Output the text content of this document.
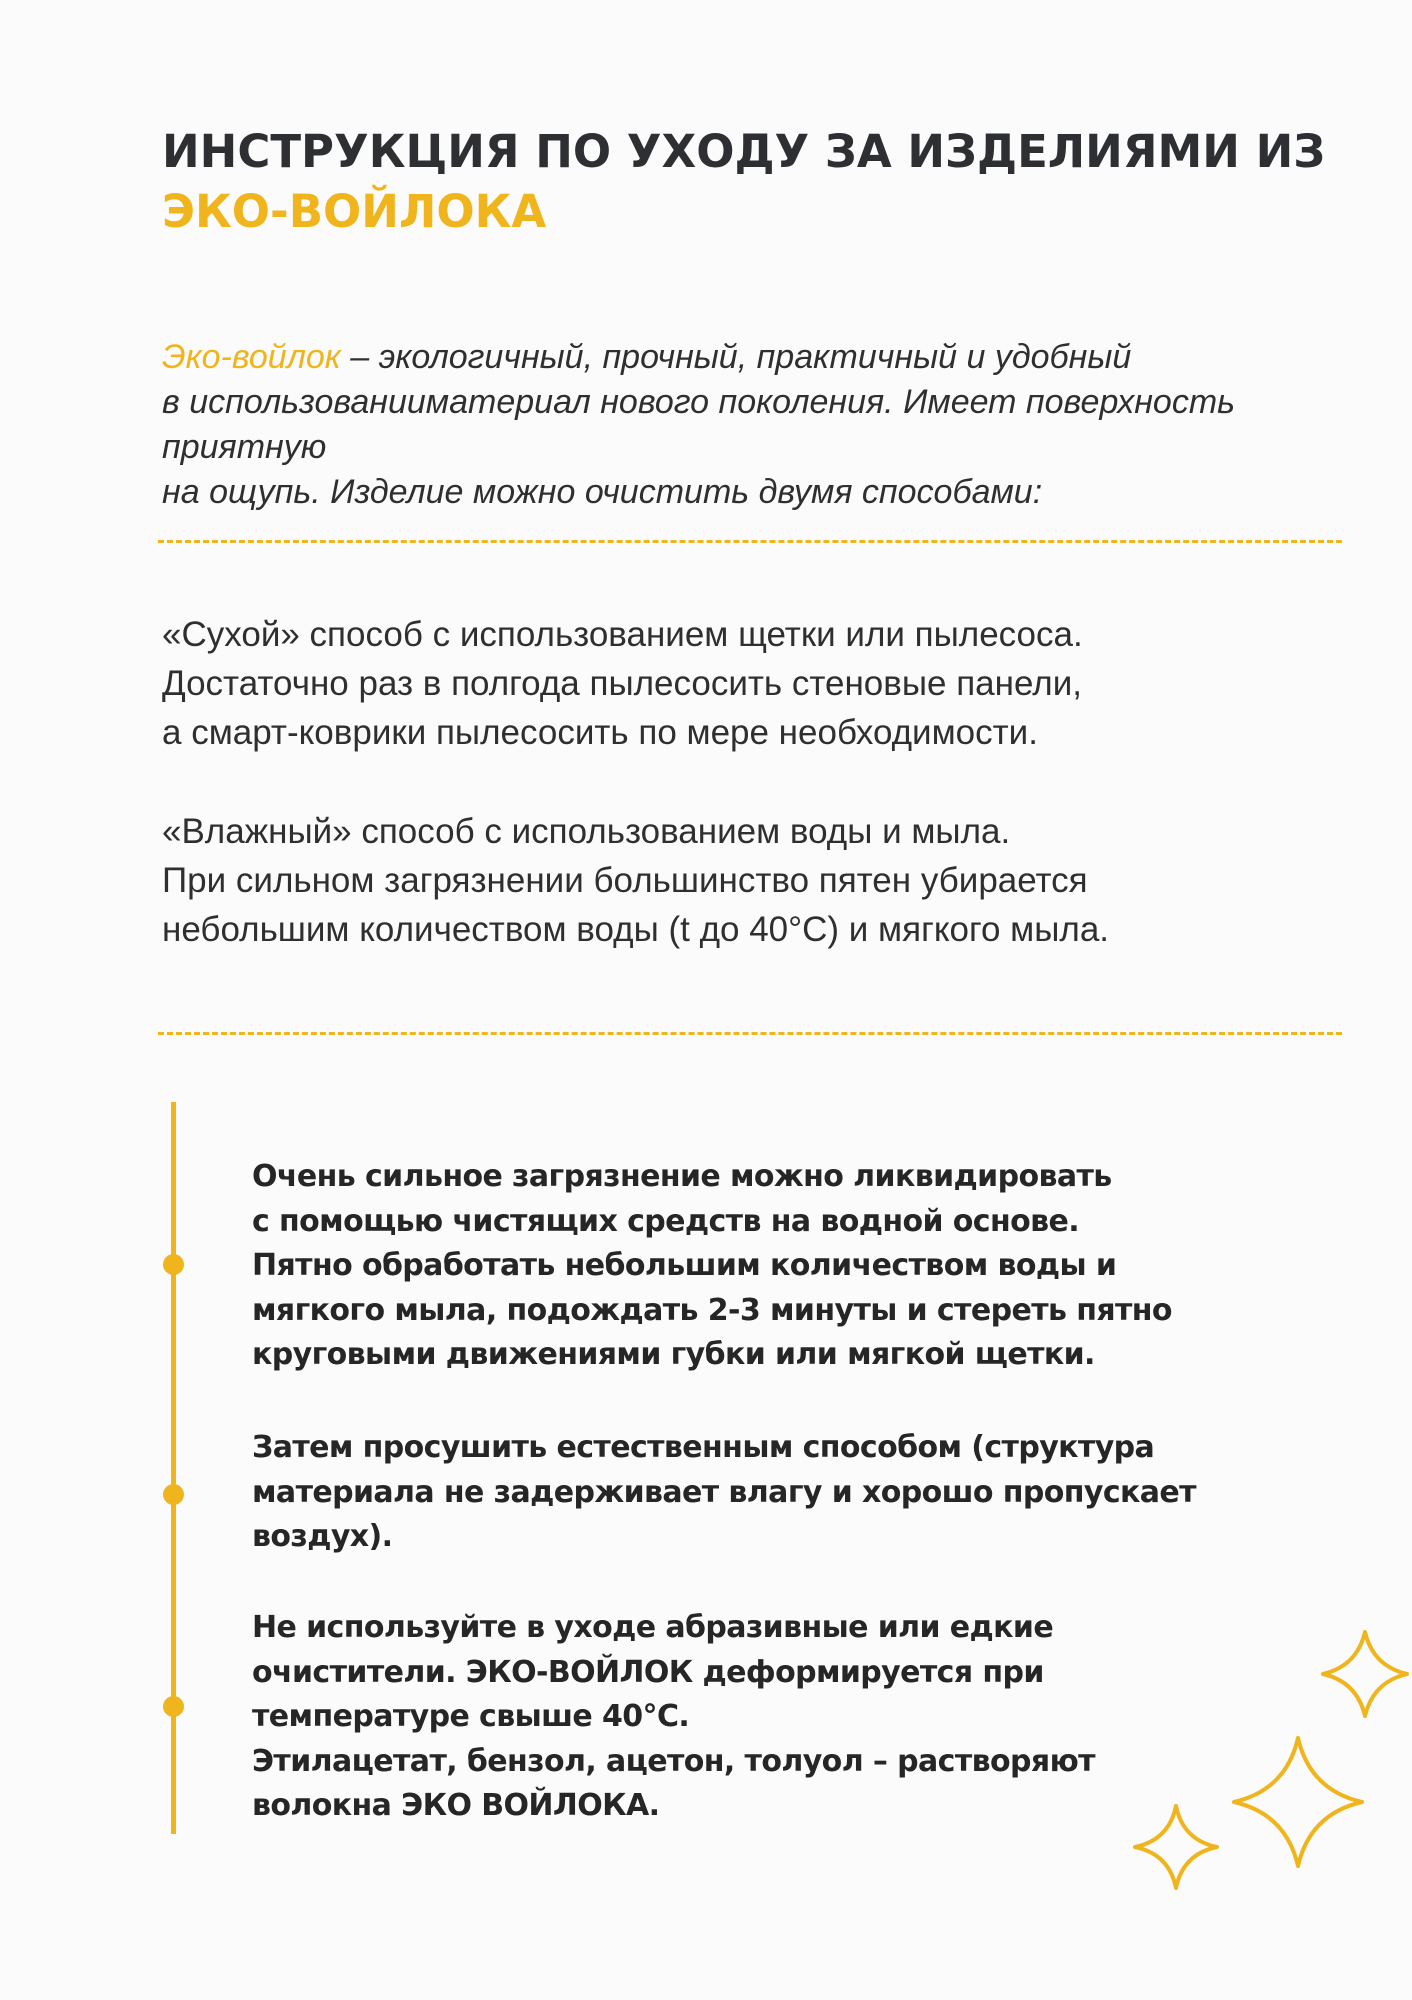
ИНСТРУКЦИЯ ПО УХОДУ ЗА ИЗДЕЛИЯМИ ИЗ
ЭКО-ВОЙЛОКА

Эко-войлок – экологичный, прочный, практичный и удобный
в использованииматериал нового поколения. Имеет поверхность приятную
на ощупь. Изделие можно очистить двумя способами:

«Сухой» способ с использованием щетки или пылесоса.
Достаточно раз в полгода пылесосить стеновые панели,
а смарт-коврики пылесосить по мере необходимости.

«Влажный» способ с использованием воды и мыла.
При сильном загрязнении большинство пятен убирается
небольшим количеством воды (t до 40°С) и мягкого мыла.

Очень сильное загрязнение можно ликвидировать
с помощью чистящих средств на водной основе.
Пятно обработать небольшим количеством воды и
мягкого мыла, подождать 2-3 минуты и стереть пятно
круговыми движениями губки или мягкой щетки.

Затем просушить естественным способом (структура
материала не задерживает влагу и хорошо пропускает
воздух).

Не используйте в уходе абразивные или едкие
очистители. ЭКО-ВОЙЛОК деформируется при
температуре свыше 40°С.
Этилацетат, бензол, ацетон, толуол – растворяют
волокна ЭКО ВОЙЛОКА.
